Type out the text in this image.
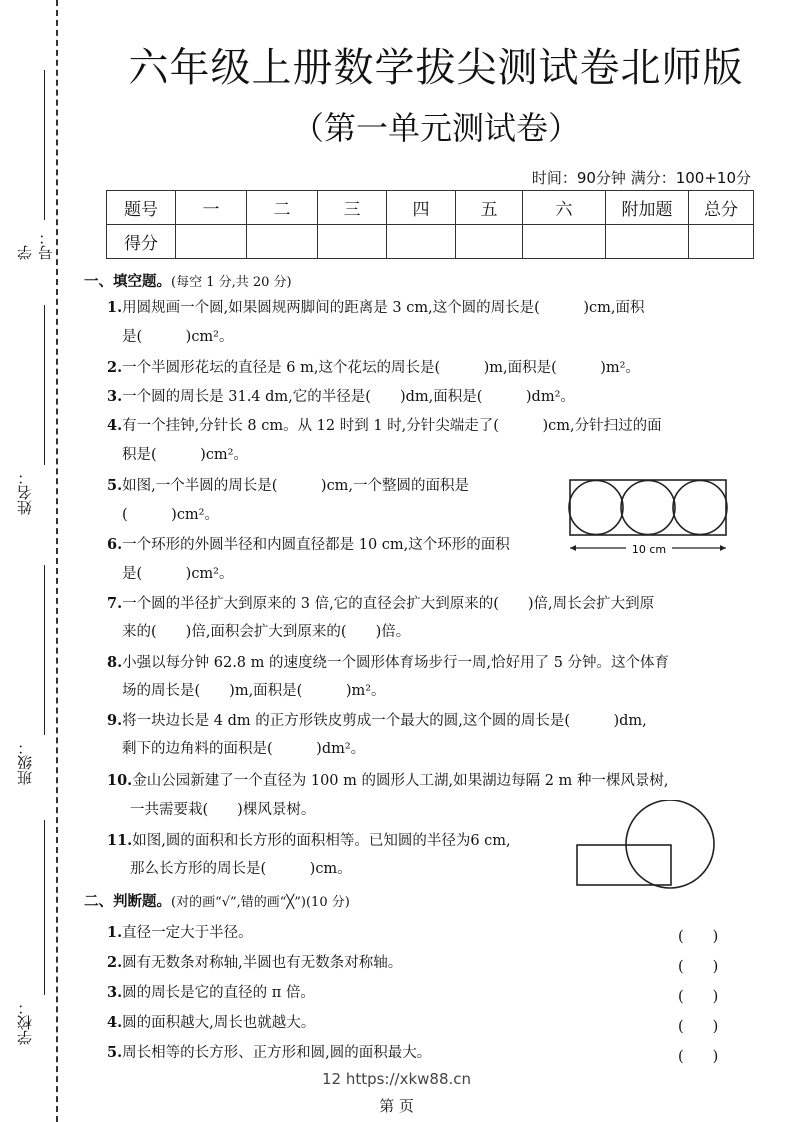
学号：
姓名：
班级：
学校：
六年级上册数学拔尖测试卷北师版
（第一单元测试卷）
时间：90分钟 满分：100+10分
题号	一	二	三	四	五	六	附加题	总分
得分								
一、填空题。(每空 1 分,共 20 分)
1.用圆规画一个圆,如果圆规两脚间的距离是 3 cm,这个圆的周长是(　　　)cm,面积
是(　　　)cm²。
2.一个半圆形花坛的直径是 6 m,这个花坛的周长是(　　　)m,面积是(　　　)m²。
3.一个圆的周长是 31.4 dm,它的半径是(　　)dm,面积是(　　　)dm²。
4.有一个挂钟,分针长 8 cm。从 12 时到 1 时,分针尖端走了(　　　)cm,分针扫过的面
积是(　　　)cm²。
5.如图,一个半圆的周长是(　　　)cm,一个整圆的面积是
(　　　)cm²。
6.一个环形的外圆半径和内圆直径都是 10 cm,这个环形的面积
是(　　　)cm²。
10 cm
7.一个圆的半径扩大到原来的 3 倍,它的直径会扩大到原来的(　　)倍,周长会扩大到原
来的(　　)倍,面积会扩大到原来的(　　)倍。
8.小强以每分钟 62.8 m 的速度绕一个圆形体育场步行一周,恰好用了 5 分钟。这个体育
场的周长是(　　)m,面积是(　　　)m²。
9.将一块边长是 4 dm 的正方形铁皮剪成一个最大的圆,这个圆的周长是(　　　)dm,
剩下的边角料的面积是(　　　)dm²。
10.金山公园新建了一个直径为 100 m 的圆形人工湖,如果湖边每隔 2 m 种一棵风景树,
一共需要栽(　　)棵风景树。
11.如图,圆的面积和长方形的面积相等。已知圆的半径为6 cm,
那么长方形的周长是(　　　)cm。
二、判断题。(对的画“√”,错的画“╳”)(10 分)
1.直径一定大于半径。	(　　)
2.圆有无数条对称轴,半圆也有无数条对称轴。	(　　)
3.圆的周长是它的直径的 π 倍。	(　　)
4.圆的面积越大,周长也就越大。	(　　)
5.周长相等的长方形、正方形和圆,圆的面积最大。	(　　)
12 https://xkw88.cn
第 页
